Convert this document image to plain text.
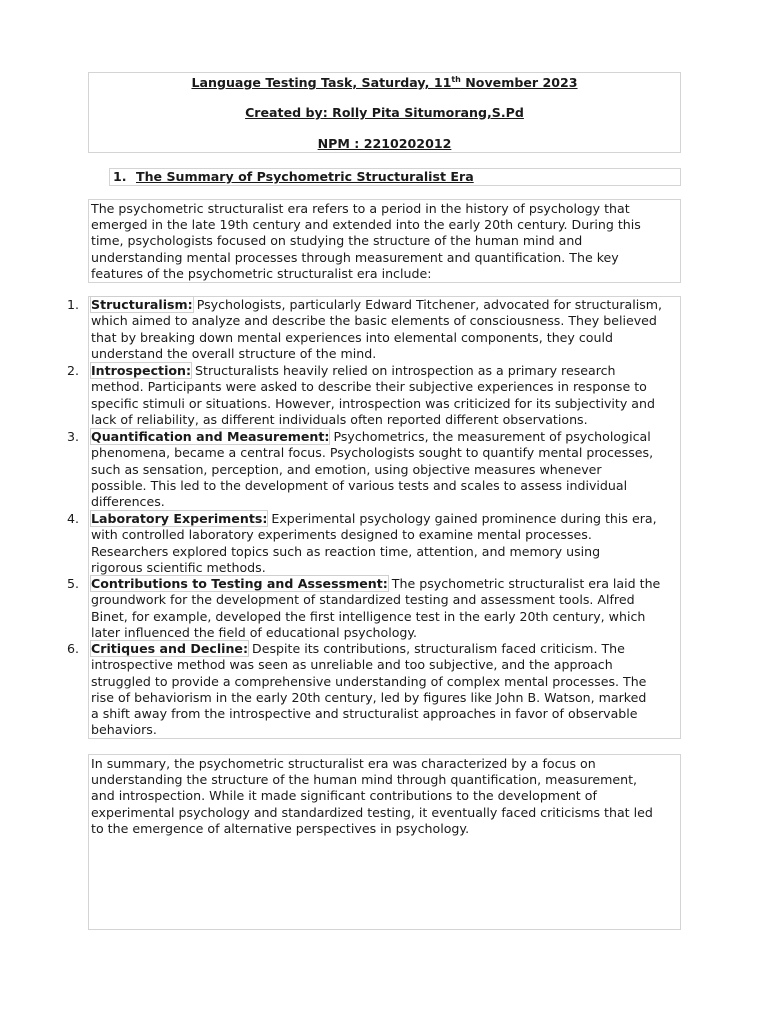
Language Testing Task, Saturday, 11th November 2023
Created by: Rolly Pita Situmorang,S.Pd
NPM : 2210202012
1. The Summary of Psychometric Structuralist Era
The psychometric structuralist era refers to a period in the history of psychology that
emerged in the late 19th century and extended into the early 20th century. During this
time, psychologists focused on studying the structure of the human mind and
understanding mental processes through measurement and quantification. The key
features of the psychometric structuralist era include:
1. Structuralism: Psychologists, particularly Edward Titchener, advocated for structuralism,
which aimed to analyze and describe the basic elements of consciousness. They believed
that by breaking down mental experiences into elemental components, they could
understand the overall structure of the mind.
2. Introspection: Structuralists heavily relied on introspection as a primary research
method. Participants were asked to describe their subjective experiences in response to
specific stimuli or situations. However, introspection was criticized for its subjectivity and
lack of reliability, as different individuals often reported different observations.
3. Quantification and Measurement: Psychometrics, the measurement of psychological
phenomena, became a central focus. Psychologists sought to quantify mental processes,
such as sensation, perception, and emotion, using objective measures whenever
possible. This led to the development of various tests and scales to assess individual
differences.
4. Laboratory Experiments: Experimental psychology gained prominence during this era,
with controlled laboratory experiments designed to examine mental processes.
Researchers explored topics such as reaction time, attention, and memory using
rigorous scientific methods.
5. Contributions to Testing and Assessment: The psychometric structuralist era laid the
groundwork for the development of standardized testing and assessment tools. Alfred
Binet, for example, developed the first intelligence test in the early 20th century, which
later influenced the field of educational psychology.
6. Critiques and Decline: Despite its contributions, structuralism faced criticism. The
introspective method was seen as unreliable and too subjective, and the approach
struggled to provide a comprehensive understanding of complex mental processes. The
rise of behaviorism in the early 20th century, led by figures like John B. Watson, marked
a shift away from the introspective and structuralist approaches in favor of observable
behaviors.
In summary, the psychometric structuralist era was characterized by a focus on
understanding the structure of the human mind through quantification, measurement,
and introspection. While it made significant contributions to the development of
experimental psychology and standardized testing, it eventually faced criticisms that led
to the emergence of alternative perspectives in psychology.
